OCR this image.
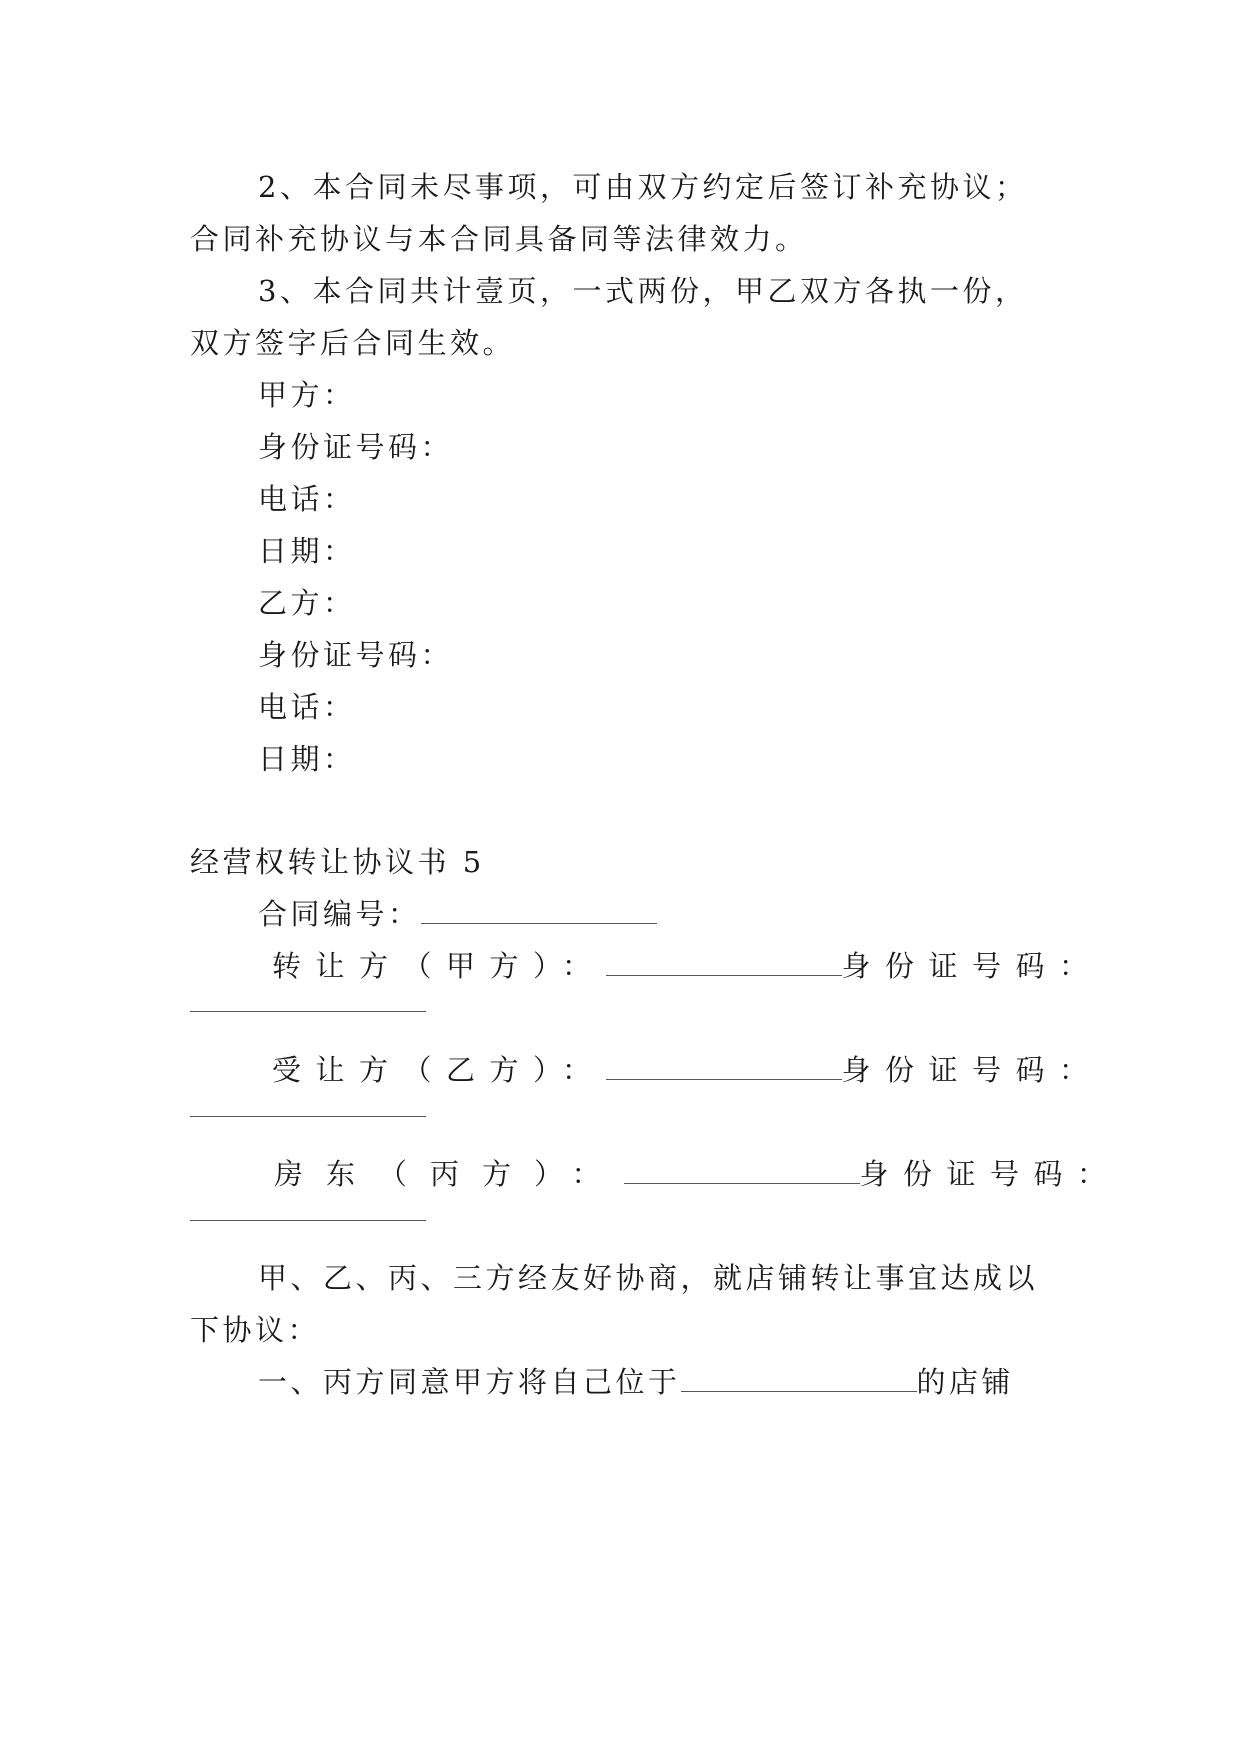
2、本合同未尽事项，可由双方约定后签订补充协议；
合同补充协议与本合同具备同等法律效力。
3、本合同共计壹页，一式两份，甲乙双方各执一份，
双方签字后合同生效。
甲方：
身份证号码：
电话：
日期：
乙方：
身份证号码：
电话：
日期：
经营权转让协议书 5
合同编号：
转让方（甲方）：	身份证号码：
受让方（乙方）：	身份证号码：
房东（丙方）：	身份证号码：
甲、乙、丙、三方经友好协商，就店铺转让事宜达成以
下协议：
一、丙方同意甲方将自己位于	的店铺
